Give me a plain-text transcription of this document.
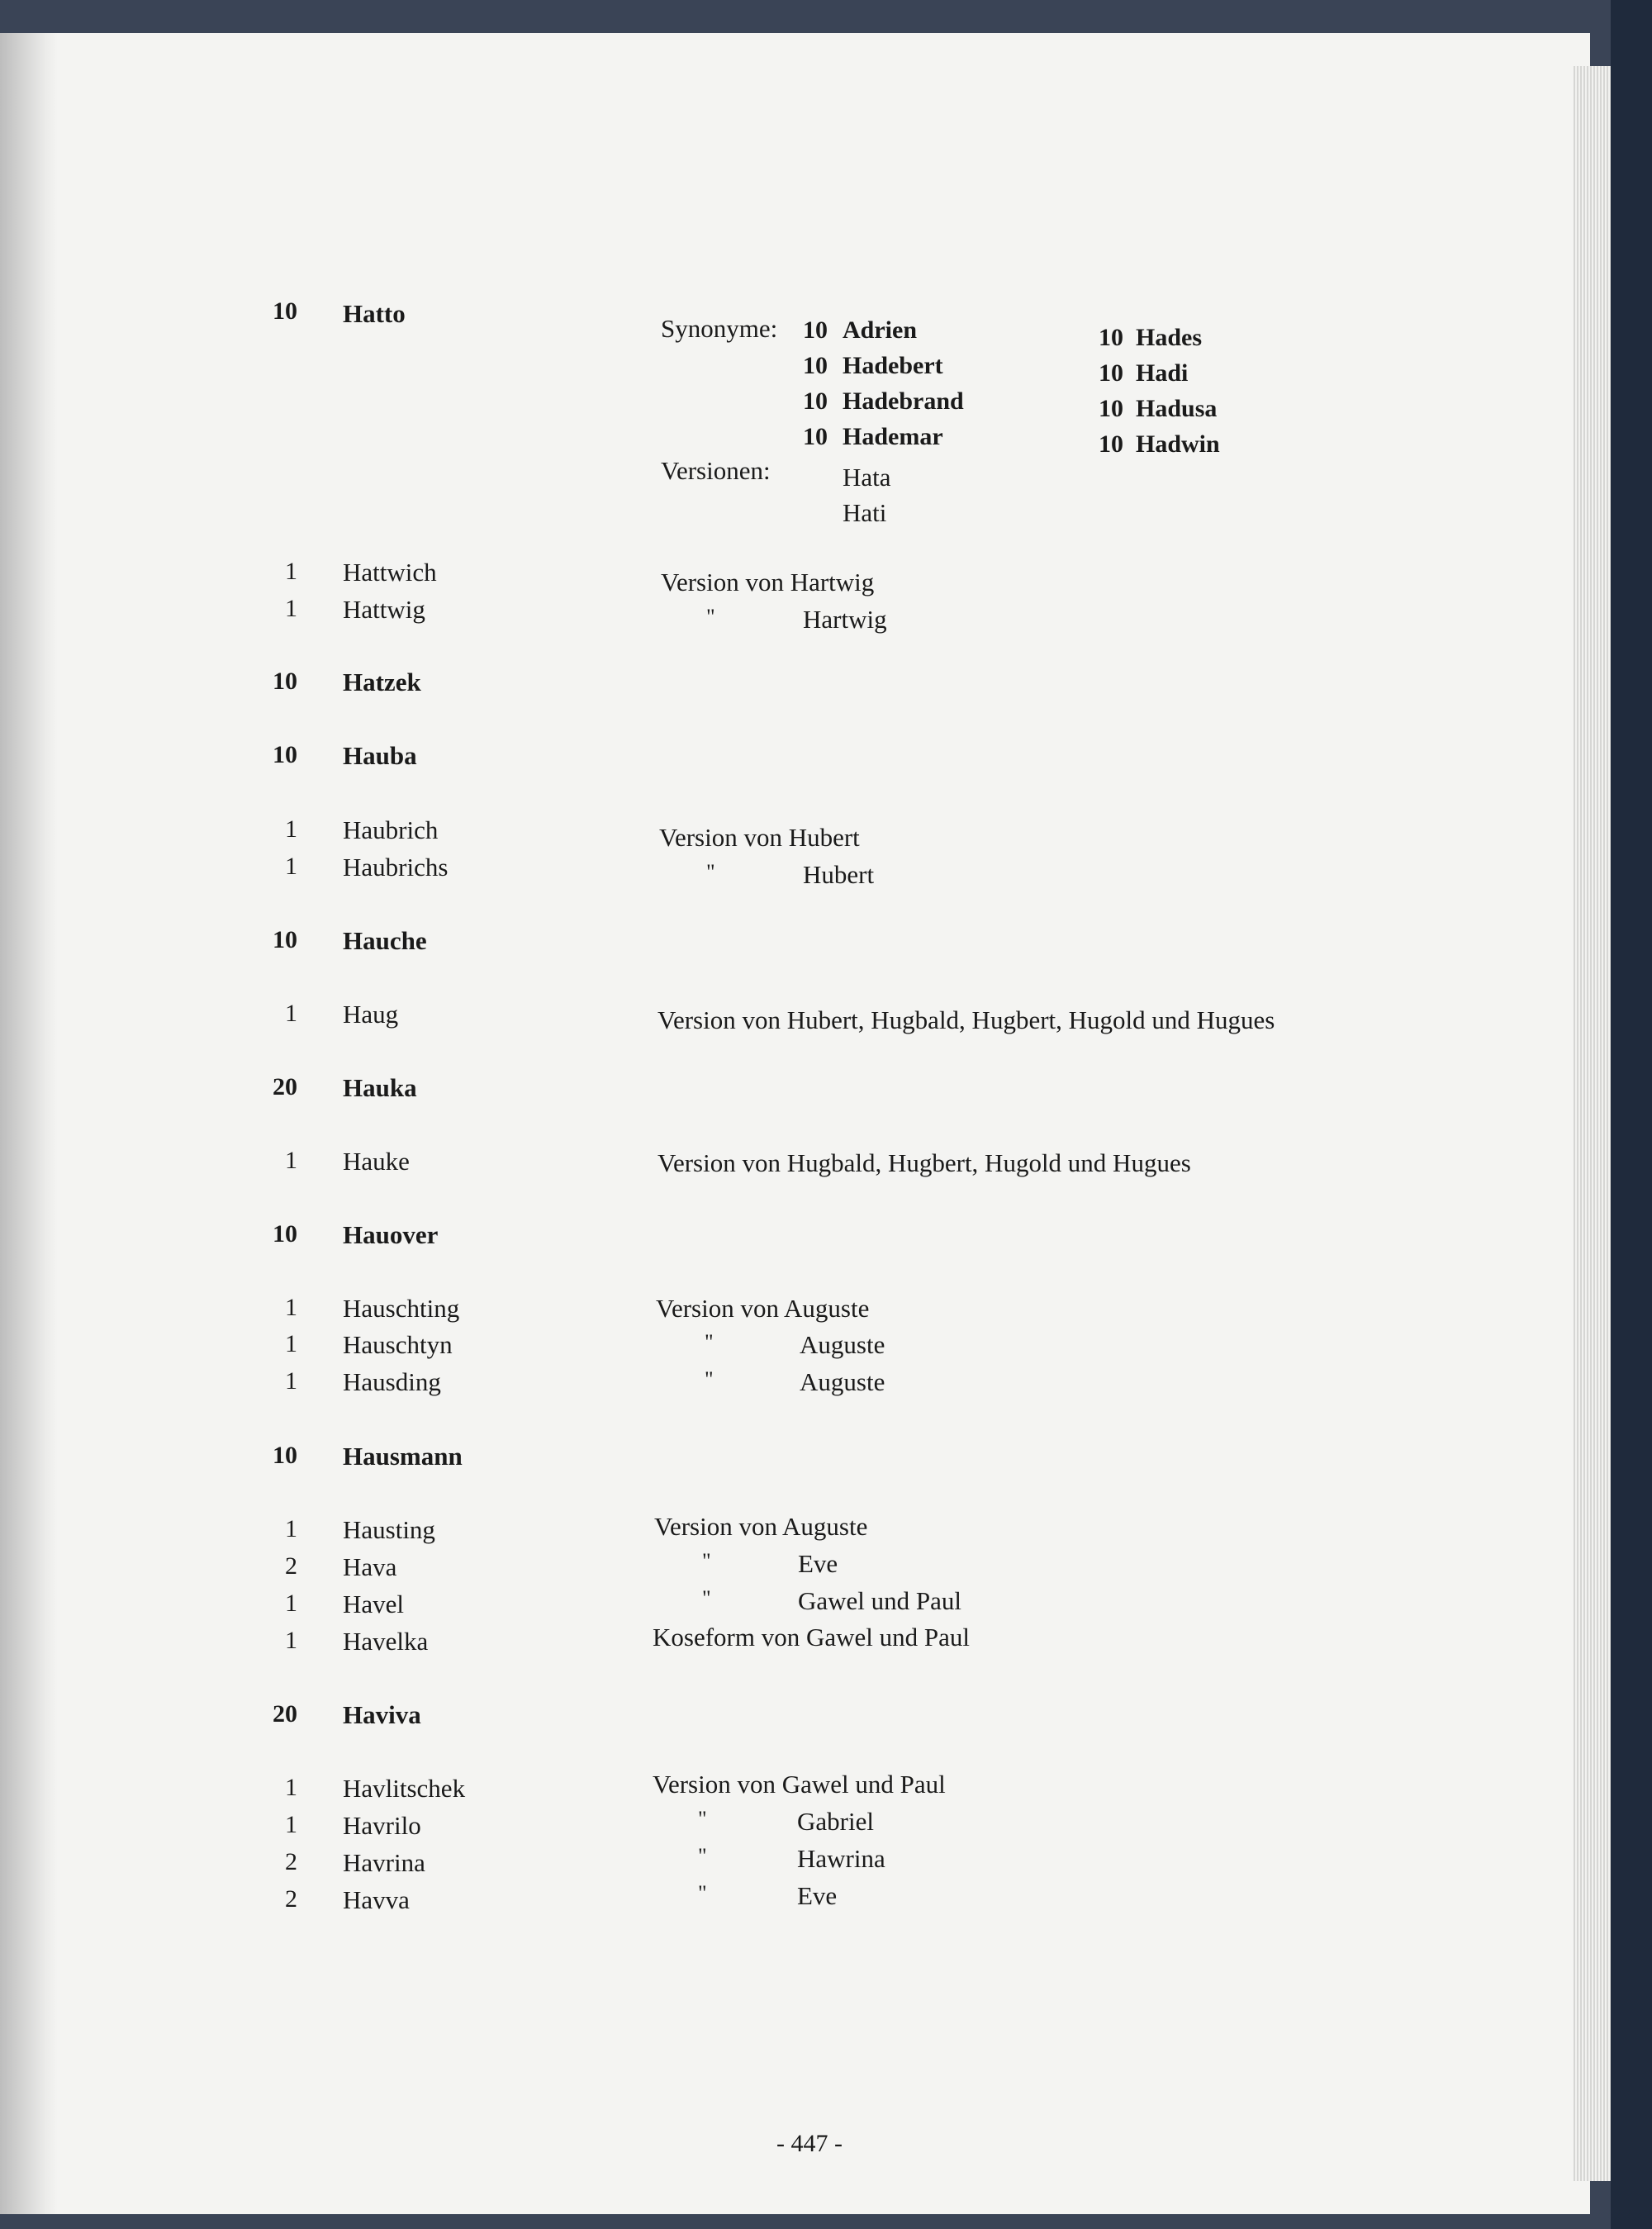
10 Hatto
Synonyme: 10 Adrien
10 Hadebert
10 Hadebrand
10 Hademar
10 Hades
10 Hadi
10 Hadusa
10 Hadwin
Versionen:	Hata
Hati
1 Hattwich	Version von Hartwig
1 Hattwig	"	Hartwig
10 Hatzek
10 Hauba
1 Haubrich	Version von Hubert
1 Haubrichs	"	Hubert
10 Hauche
1 Haug	Version von Hubert, Hugbald, Hugbert, Hugold und Hugues
20 Hauka
1 Hauke	Version von Hugbald, Hugbert, Hugold und Hugues
10 Hauover
1 Hauschting	Version von Auguste
1 Hauschtyn	"	Auguste
1 Hausding	"	Auguste
10 Hausmann
1 Hausting	Version von Auguste
2 Hava	"	Eve
1 Havel	"	Gawel und Paul
1 Havelka	Koseform von Gawel und Paul
20 Haviva
1 Havlitschek	Version von Gawel und Paul
1 Havrilo	"	Gabriel
2 Havrina	"	Hawrina
2 Havva	"	Eve
- 447 -
